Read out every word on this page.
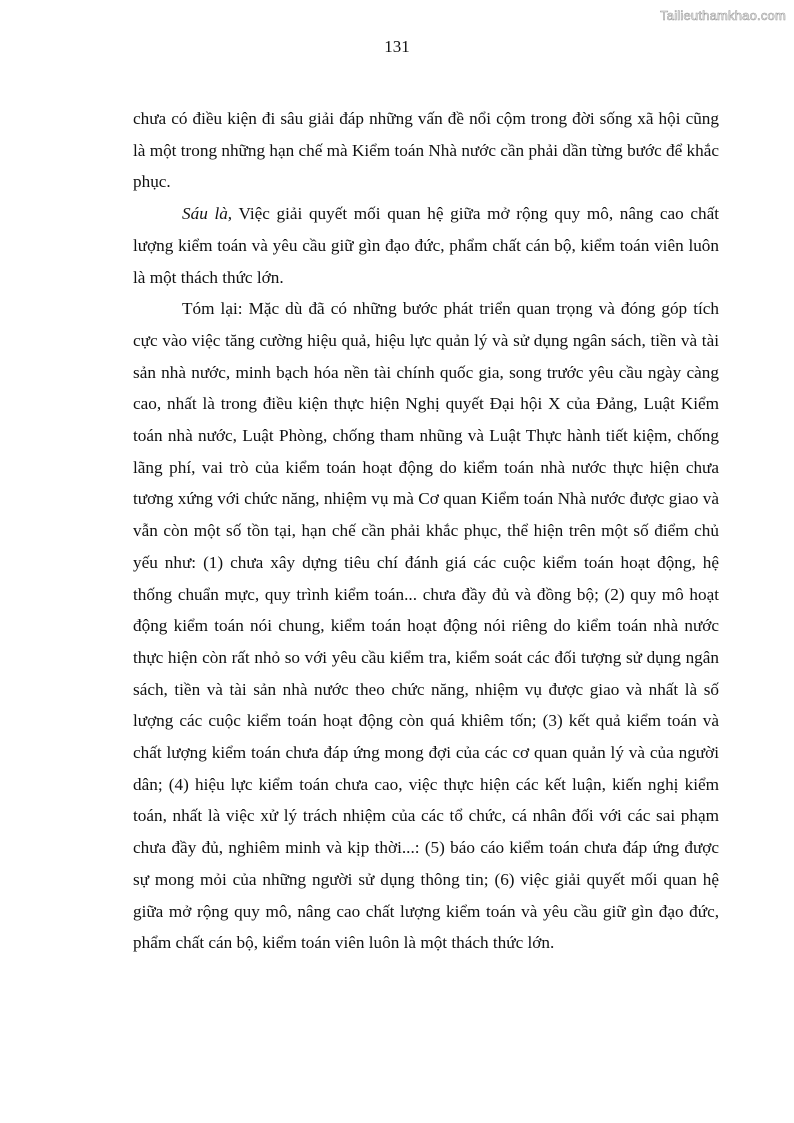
Tailieuthamkhao.com
131

chưa có điều kiện đi sâu giải đáp những vấn đề nổi cộm trong đời sống xã hội cũng là một trong những hạn chế mà Kiểm toán Nhà nước cần phải dần từng bước để khắc phục.

Sáu là, Việc giải quyết mối quan hệ giữa mở rộng quy mô, nâng cao chất lượng kiểm toán và yêu cầu giữ gìn đạo đức, phẩm chất cán bộ, kiểm toán viên luôn là một thách thức lớn.

Tóm lại: Mặc dù đã có những bước phát triển quan trọng và đóng góp tích cực vào việc tăng cường hiệu quả, hiệu lực quản lý và sử dụng ngân sách, tiền và tài sản nhà nước, minh bạch hóa nền tài chính quốc gia, song trước yêu cầu ngày càng cao, nhất là trong điều kiện thực hiện Nghị quyết Đại hội X của Đảng, Luật Kiểm toán nhà nước, Luật Phòng, chống tham nhũng và Luật Thực hành tiết kiệm, chống lãng phí, vai trò của kiểm toán hoạt động do kiểm toán nhà nước thực hiện chưa tương xứng với chức năng, nhiệm vụ mà Cơ quan Kiểm toán Nhà nước được giao và vẫn còn một số tồn tại, hạn chế cần phải khắc phục, thể hiện trên một số điểm chủ yếu như: (1) chưa xây dựng tiêu chí đánh giá các cuộc kiểm toán hoạt động, hệ thống chuẩn mực, quy trình kiểm toán... chưa đầy đủ và đồng bộ; (2) quy mô hoạt động kiểm toán nói chung, kiểm toán hoạt động nói riêng do kiểm toán nhà nước thực hiện còn rất nhỏ so với yêu cầu kiểm tra, kiểm soát các đối tượng sử dụng ngân sách, tiền và tài sản nhà nước theo chức năng, nhiệm vụ được giao và nhất là số lượng các cuộc kiểm toán hoạt động còn quá khiêm tốn; (3) kết quả kiểm toán và chất lượng kiểm toán chưa đáp ứng mong đợi của các cơ quan quản lý và của người dân; (4) hiệu lực kiểm toán chưa cao, việc thực hiện các kết luận, kiến nghị kiểm toán, nhất là việc xử lý trách nhiệm của các tổ chức, cá nhân đối với các sai phạm chưa đầy đủ, nghiêm minh và kịp thời...: (5) báo cáo kiểm toán chưa đáp ứng được sự mong mỏi của những người sử dụng thông tin; (6) việc giải quyết mối quan hệ giữa mở rộng quy mô, nâng cao chất lượng kiểm toán và yêu cầu giữ gìn đạo đức, phẩm chất cán bộ, kiểm toán viên luôn là một thách thức lớn.
